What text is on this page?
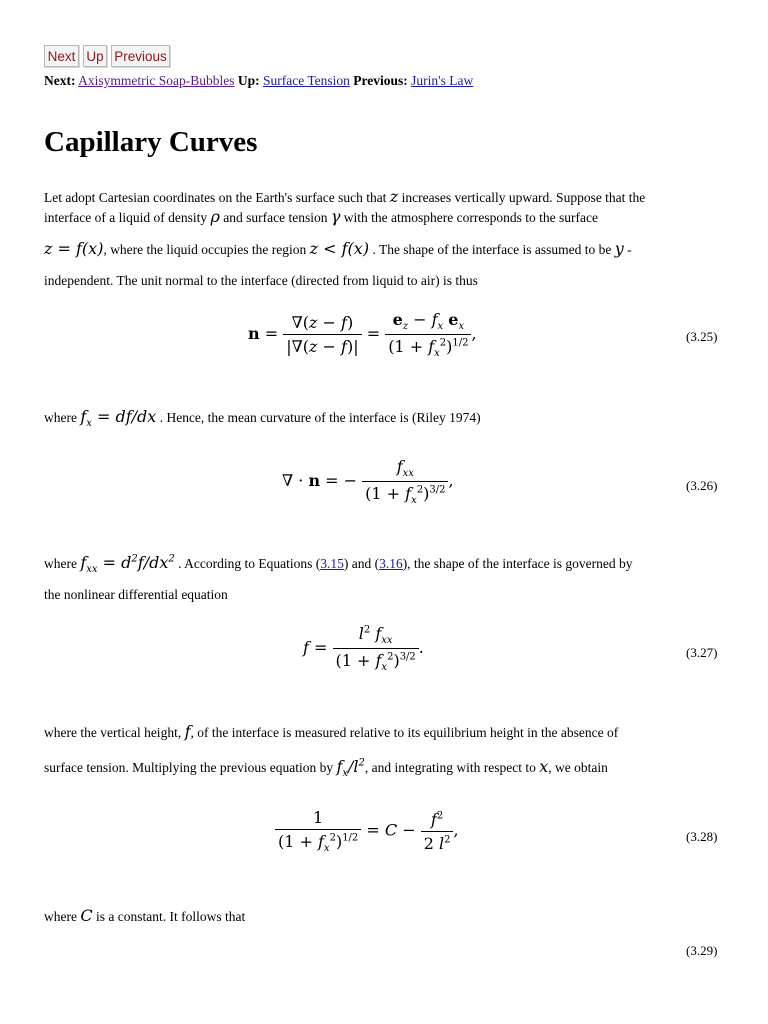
Next Up Previous
Next: Axisymmetric Soap-Bubbles Up: Surface Tension Previous: Jurin's Law
Capillary Curves
Let adopt Cartesian coordinates on the Earth's surface such that z increases vertically upward. Suppose that the
interface of a liquid of density ρ and surface tension γ with the atmosphere corresponds to the surface
z = f(x), where the liquid occupies the region z < f(x) . The shape of the interface is assumed to be y -
independent. The unit normal to the interface (directed from liquid to air) is thus
$n = \frac{\nabla(z - f)}{|\nabla(z - f)|} = \frac{e_z - f_x e_x}{(1 + f_x^2)^{1/2}}$ ,	(3.25)
where $f_x = df/dx$ . Hence, the mean curvature of the interface is (Riley 1974)
∇ · n = − $\frac{f_{xx}}{(1 + f_x^2)^{3/2}}$ ,	(3.26)
where $f_{xx} = d^2f/dx^2$ . According to Equations (3.15) and (3.16), the shape of the interface is governed by
the nonlinear differential equation
$f = \frac{l^2 f_{xx}}{(1 + f_x^2)^{3/2}}$ .	(3.27)
where the vertical height, f, of the interface is measured relative to its equilibrium height in the absence of
surface tension. Multiplying the previous equation by $f_x/l^2$, and integrating with respect to x, we obtain
$\frac{1}{(1 + f_x^2)^{1/2}} = C - \frac{f^2}{2 l^2}$ ,	(3.28)
where C is a constant. It follows that
(3.29)
